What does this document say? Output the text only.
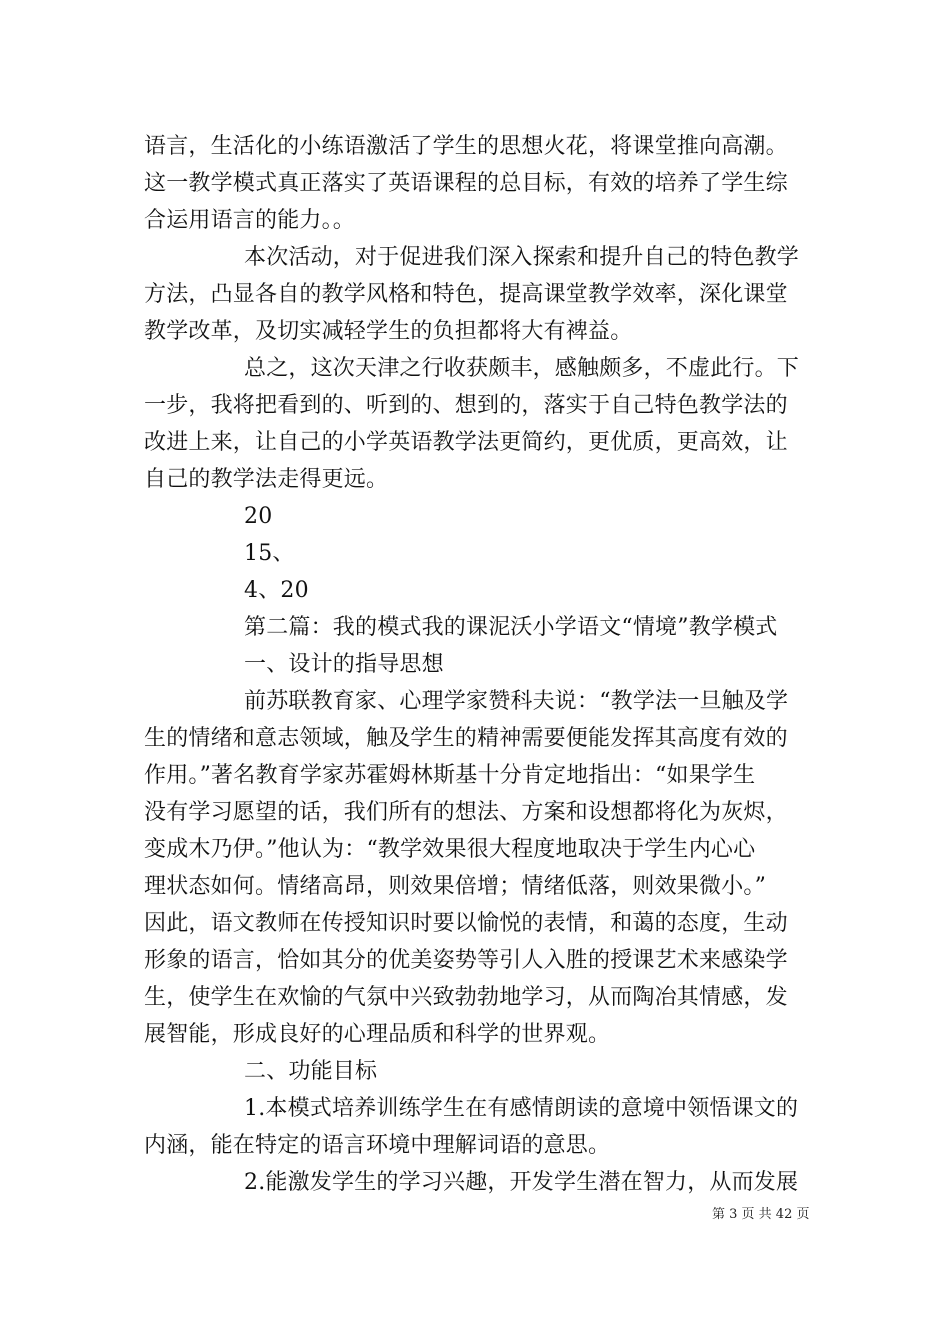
语言，生活化的小练语激活了学生的思想火花，将课堂推向高潮。
这一教学模式真正落实了英语课程的总目标，有效的培养了学生综
合运用语言的能力。。
本次活动，对于促进我们深入探索和提升自己的特色教学
方法，凸显各自的教学风格和特色，提高课堂教学效率，深化课堂
教学改革，及切实减轻学生的负担都将大有裨益。
总之，这次天津之行收获颇丰，感触颇多，不虚此行。下
一步，我将把看到的、听到的、想到的，落实于自己特色教学法的
改进上来，让自己的小学英语教学法更简约，更优质，更高效，让
自己的教学法走得更远。
20
15、
4、20
第二篇：我的模式我的课泥沃小学语文“情境”教学模式
一、设计的指导思想
前苏联教育家、心理学家赞科夫说：“教学法一旦触及学
生的情绪和意志领域，触及学生的精神需要便能发挥其高度有效的
作用。”著名教育学家苏霍姆林斯基十分肯定地指出：“如果学生
没有学习愿望的话，我们所有的想法、方案和设想都将化为灰烬，
变成木乃伊。”他认为：“教学效果很大程度地取决于学生内心心
理状态如何。情绪高昂，则效果倍增；情绪低落，则效果微小。”
因此，语文教师在传授知识时要以愉悦的表情，和蔼的态度，生动
形象的语言，恰如其分的优美姿势等引人入胜的授课艺术来感染学
生，使学生在欢愉的气氛中兴致勃勃地学习，从而陶冶其情感，发
展智能，形成良好的心理品质和科学的世界观。
二、功能目标
1.本模式培养训练学生在有感情朗读的意境中领悟课文的
内涵，能在特定的语言环境中理解词语的意思。
2.能激发学生的学习兴趣，开发学生潜在智力，从而发展
第 3 页 共 42 页
